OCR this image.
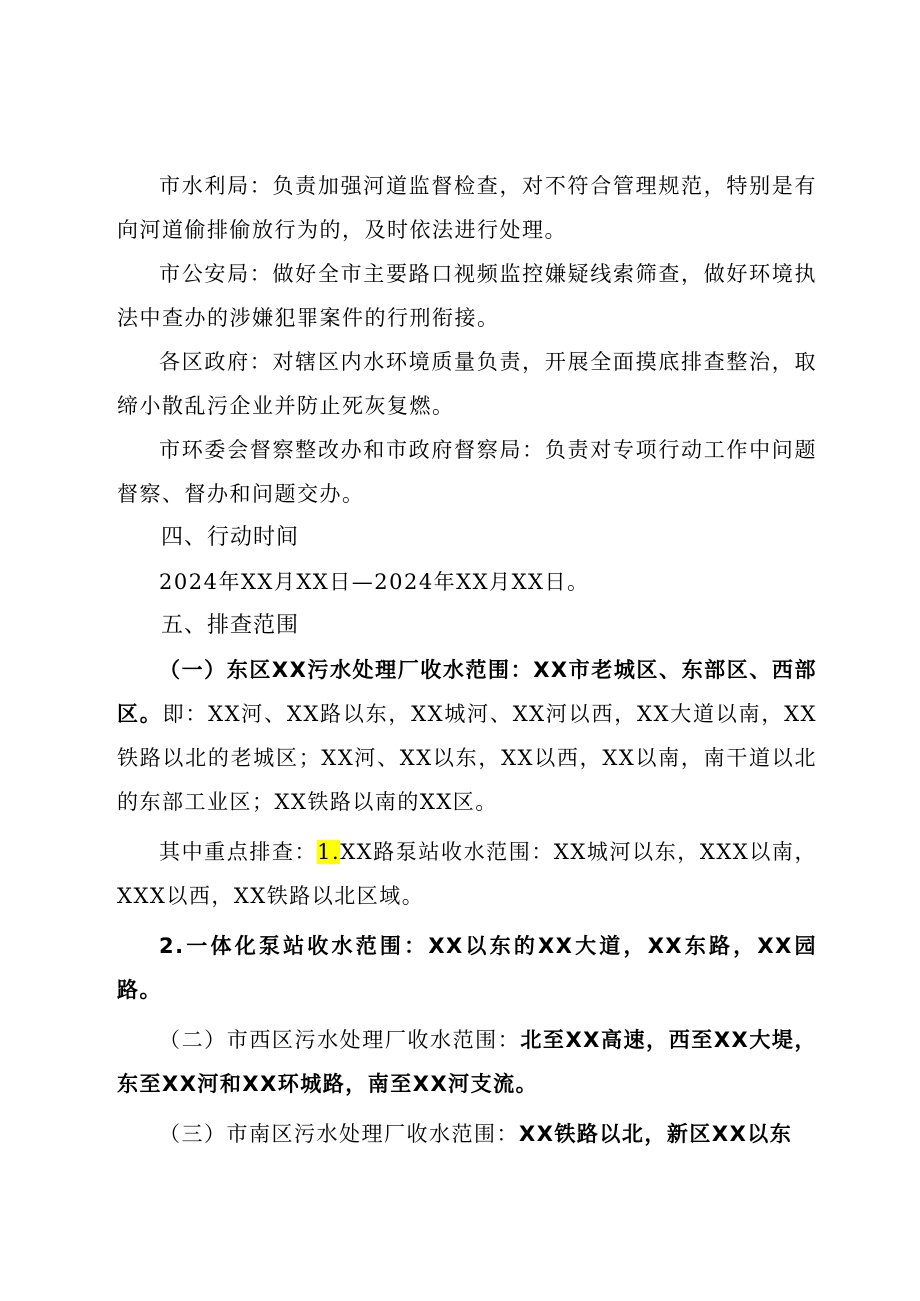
市水利局：负责加强河道监督检查，对不符合管理规范，特别是有向河道偷排偷放行为的，及时依法进行处理。

市公安局：做好全市主要路口视频监控嫌疑线索筛查，做好环境执法中查办的涉嫌犯罪案件的行刑衔接。

各区政府：对辖区内水环境质量负责，开展全面摸底排查整治，取缔小散乱污企业并防止死灰复燃。

市环委会督察整改办和市政府督察局：负责对专项行动工作中问题督察、督办和问题交办。

四、行动时间

2024年XX月XX日—2024年XX月XX日。

五、排查范围

（一）东区XX污水处理厂收水范围：XX市老城区、东部区、西部区。即：XX河、XX路以东，XX城河、XX河以西，XX大道以南，XX铁路以北的老城区；XX河、XX以东，XX以西，XX以南，南干道以北的东部工业区；XX铁路以南的XX区。

其中重点排查：1.XX路泵站收水范围：XX城河以东，XXX以南，XXX以西，XX铁路以北区域。

2.一体化泵站收水范围：XX以东的XX大道，XX东路，XX园路。

（二）市西区污水处理厂收水范围：北至XX高速，西至XX大堤，东至XX河和XX环城路，南至XX河支流。

（三）市南区污水处理厂收水范围：XX铁路以北，新区XX以东
